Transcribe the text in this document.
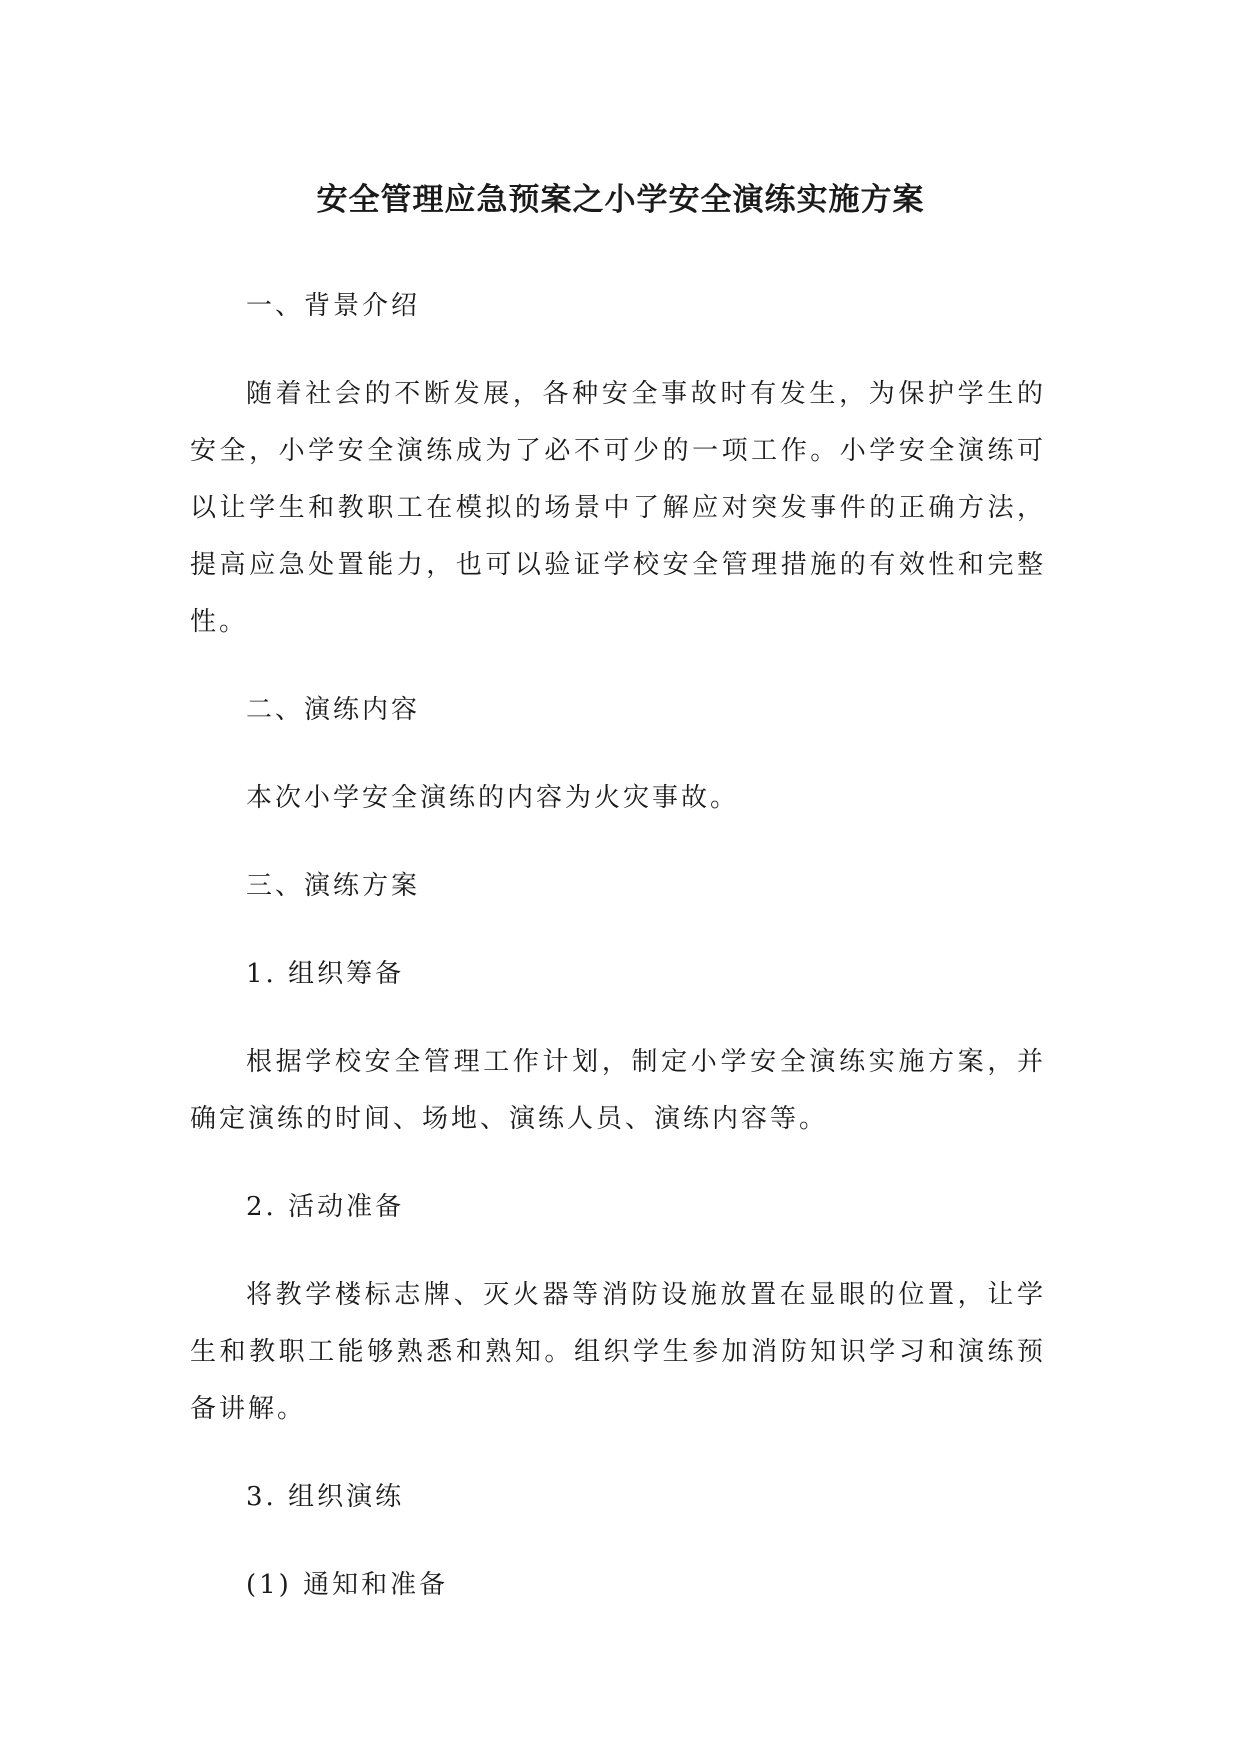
安全管理应急预案之小学安全演练实施方案

一、背景介绍

随着社会的不断发展，各种安全事故时有发生，为保护学生的安全，小学安全演练成为了必不可少的一项工作。小学安全演练可以让学生和教职工在模拟的场景中了解应对突发事件的正确方法，提高应急处置能力，也可以验证学校安全管理措施的有效性和完整性。

二、演练内容

本次小学安全演练的内容为火灾事故。

三、演练方案

1. 组织筹备

根据学校安全管理工作计划，制定小学安全演练实施方案，并确定演练的时间、场地、演练人员、演练内容等。

2. 活动准备

将教学楼标志牌、灭火器等消防设施放置在显眼的位置，让学生和教职工能够熟悉和熟知。组织学生参加消防知识学习和演练预备讲解。

3. 组织演练

(1) 通知和准备
